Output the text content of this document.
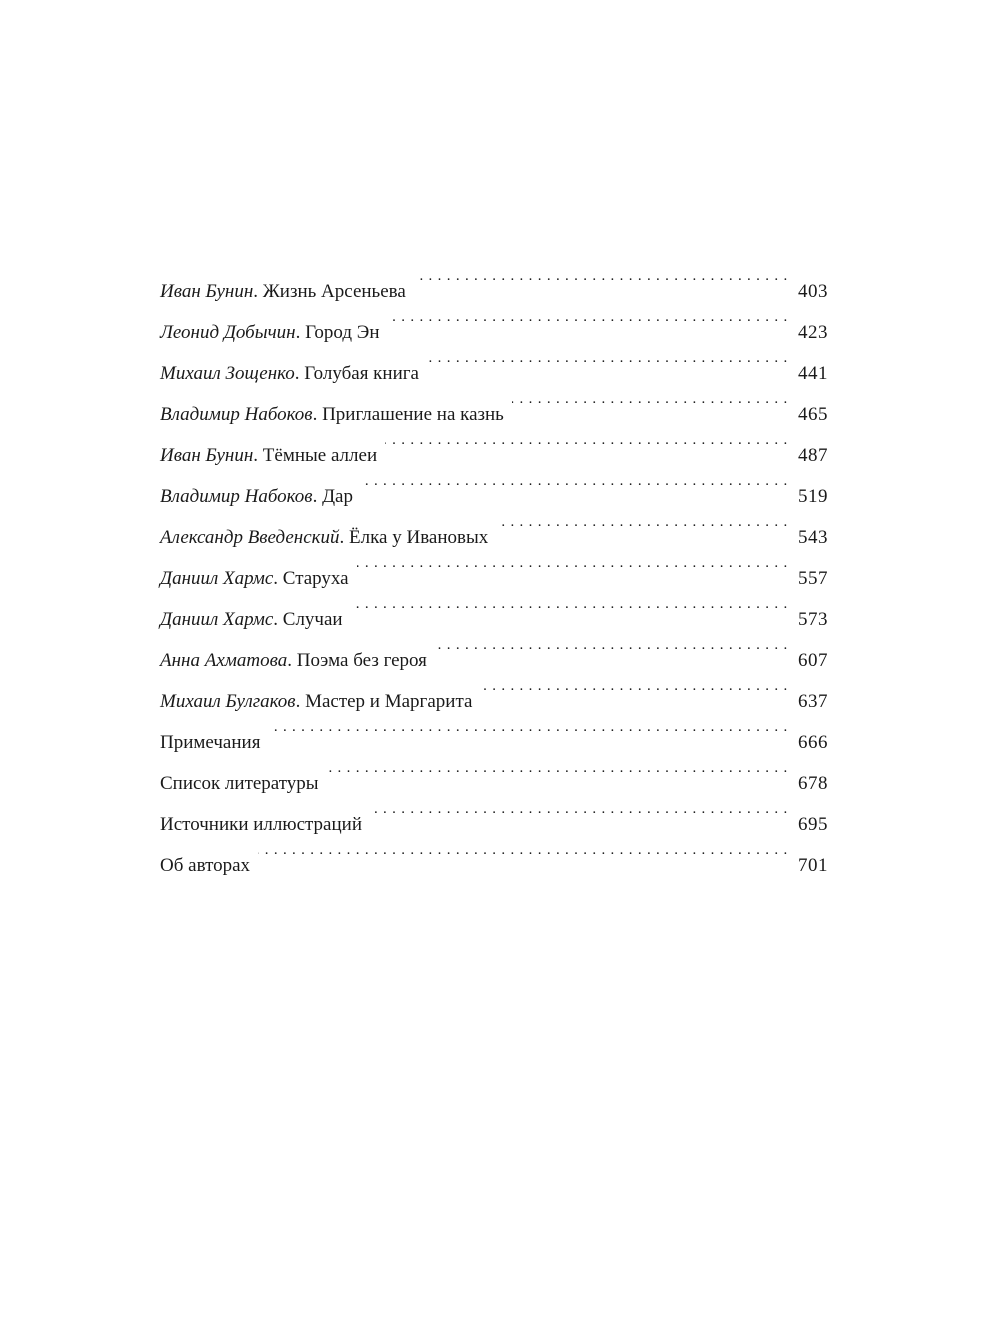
Иван Бунин. Жизнь Арсеньева . . .	403
Леонид Добычин. Город Эн . . .	423
Михаил Зощенко. Голубая книга . . .	441
Владимир Набоков. Приглашение на казнь . . .	465
Иван Бунин. Тёмные аллеи . . .	487
Владимир Набоков. Дар . . .	519
Александр Введенский. Ёлка у Ивановых . . .	543
Даниил Хармс. Старуха . . .	557
Даниил Хармс. Случаи . . .	573
Анна Ахматова. Поэма без героя . . .	607
Михаил Булгаков. Мастер и Маргарита . . .	637
Примечания . . .	666
Список литературы . . .	678
Источники иллюстраций . . .	695
Об авторах . . .	701
